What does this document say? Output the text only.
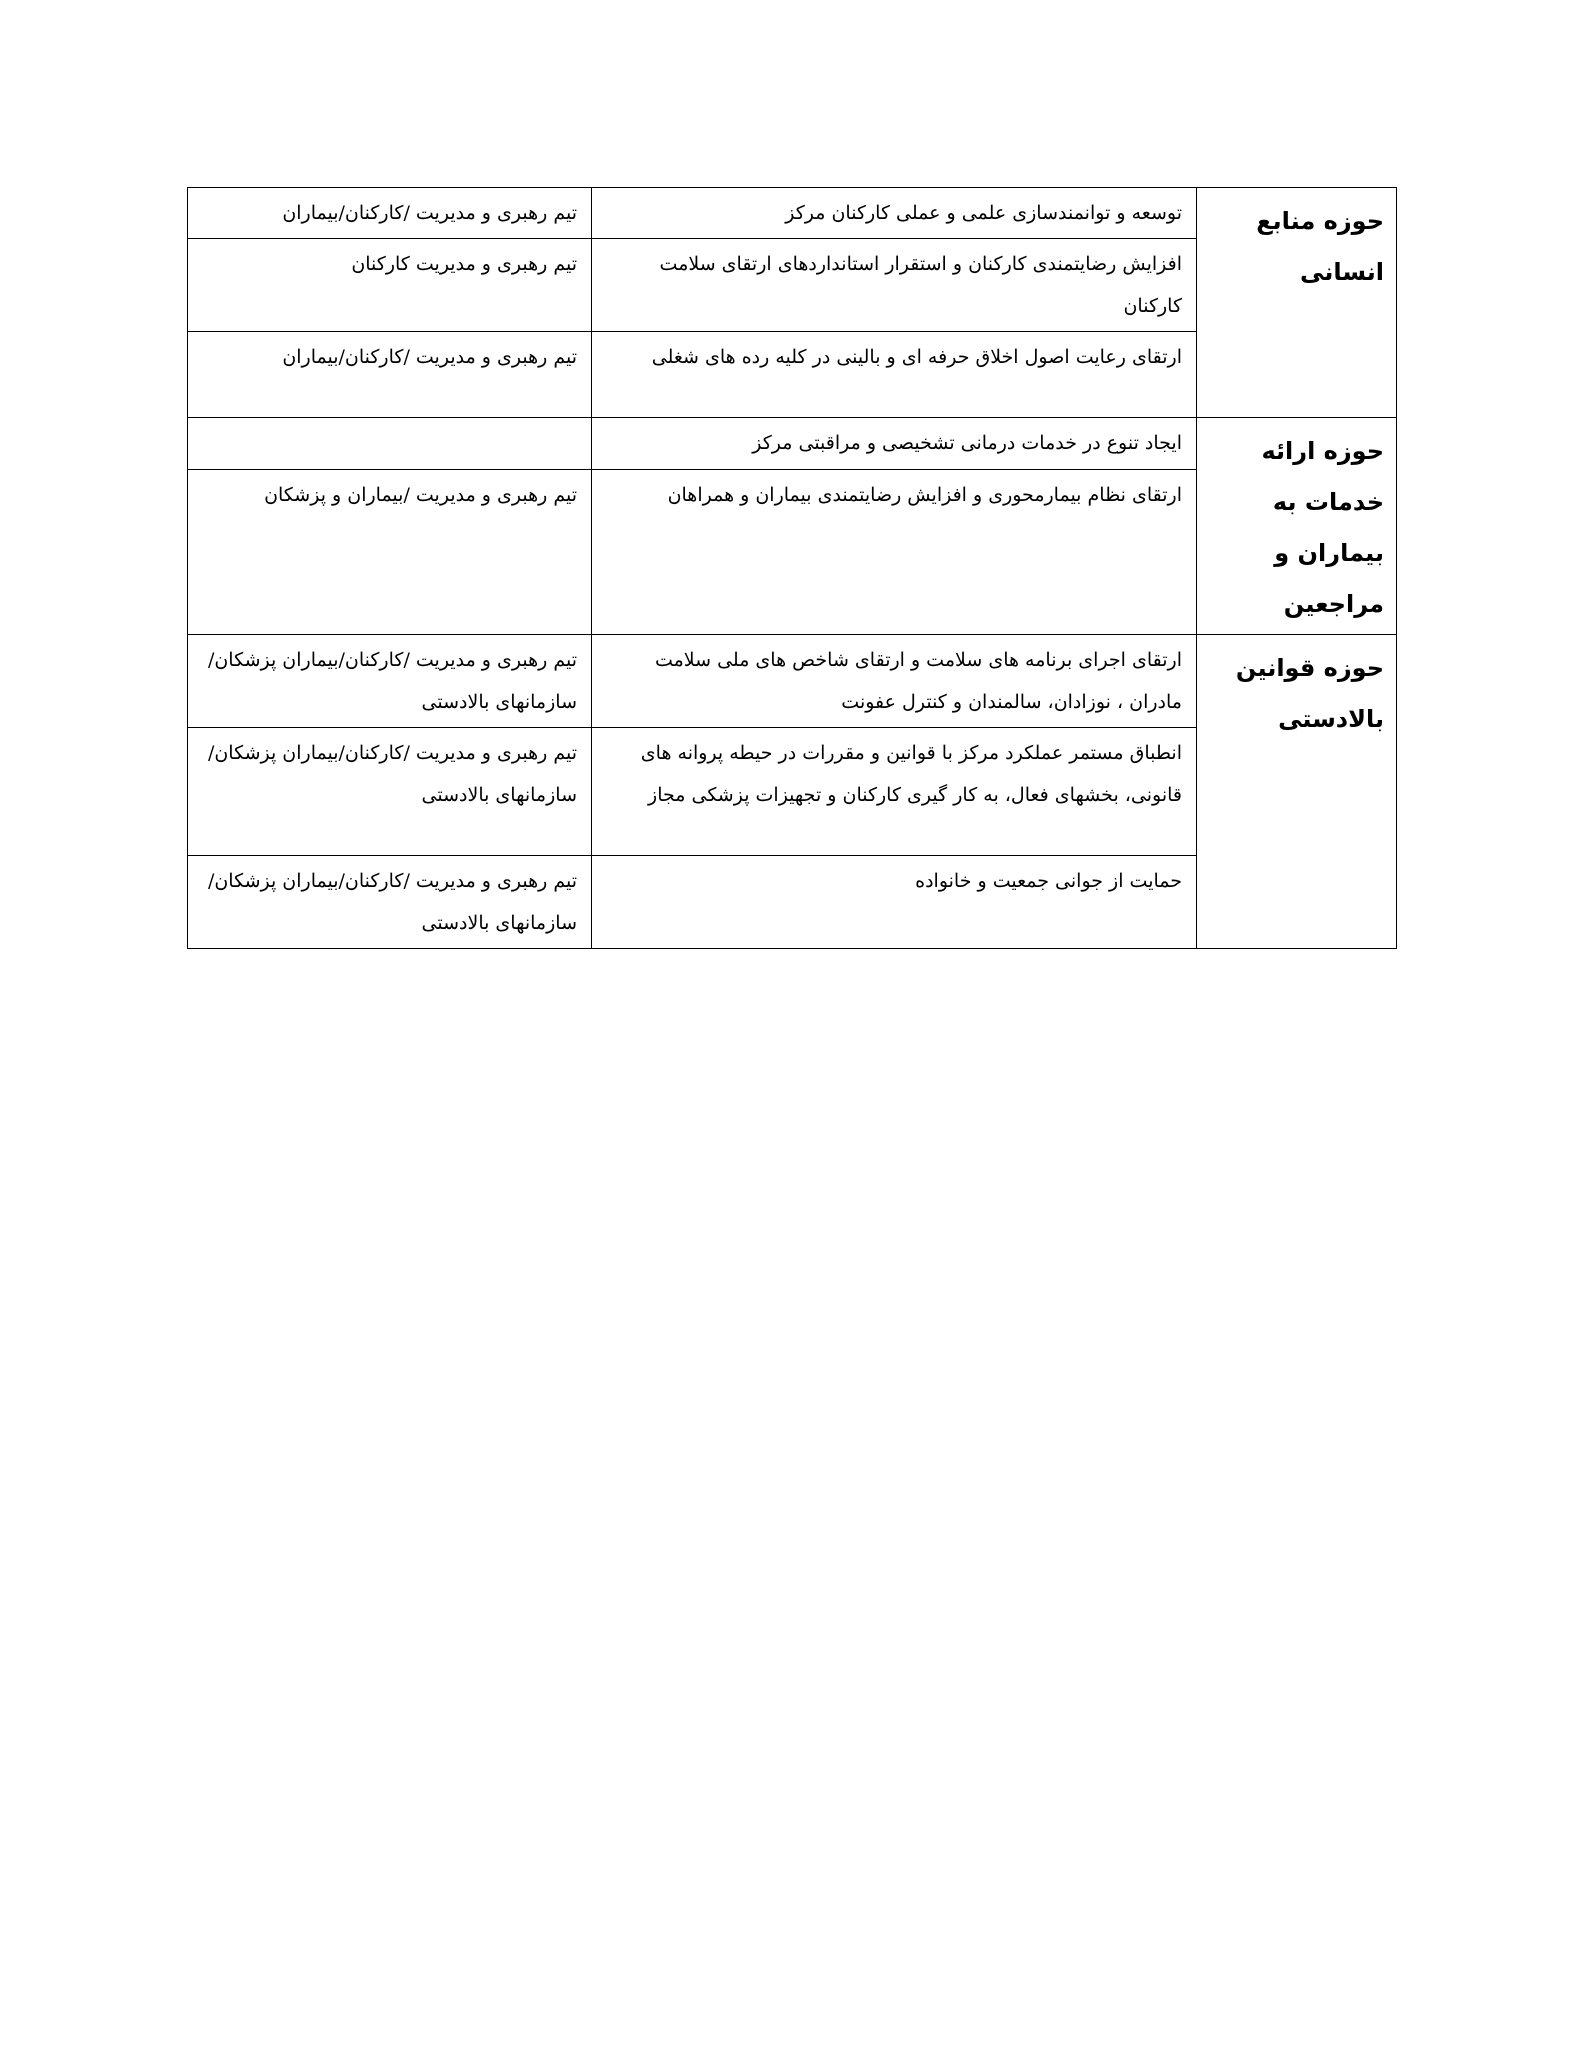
حوزه منابع انسانی	توسعه و توانمندسازی علمی و عملی کارکنان مرکز	تیم رهبری و مدیریت /کارکنان/بیماران
	افزایش رضایتمندی کارکنان و استقرار استانداردهای ارتقای سلامت کارکنان	تیم رهبری و مدیریت کارکنان
	ارتقای رعایت اصول اخلاق حرفه ای و بالینی در کلیه رده های شغلی	تیم رهبری و مدیریت /کارکنان/بیماران
حوزه ارائه خدمات به بیماران و مراجعین	ایجاد تنوع در خدمات درمانی تشخیصی و مراقبتی مرکز	
	ارتقای نظام بیمارمحوری و افزایش رضایتمندی بیماران و همراهان	تیم رهبری و مدیریت /بیماران و پزشکان
حوزه قوانین بالادستی	ارتقای اجرای برنامه های سلامت و ارتقای شاخص های ملی سلامت مادران ، نوزادان، سالمندان و کنترل عفونت	تیم رهبری و مدیریت /کارکنان/بیماران پزشکان/سازمانهای بالادستی
	انطباق مستمر عملکرد مرکز با قوانین و مقررات در حیطه پروانه های قانونی، بخشهای فعال، به کار گیری کارکنان و تجهیزات پزشکی مجاز	تیم رهبری و مدیریت /کارکنان/بیماران پزشکان/سازمانهای بالادستی
	حمایت از جوانی جمعیت و خانواده	تیم رهبری و مدیریت /کارکنان/بیماران پزشکان/سازمانهای بالادستی
